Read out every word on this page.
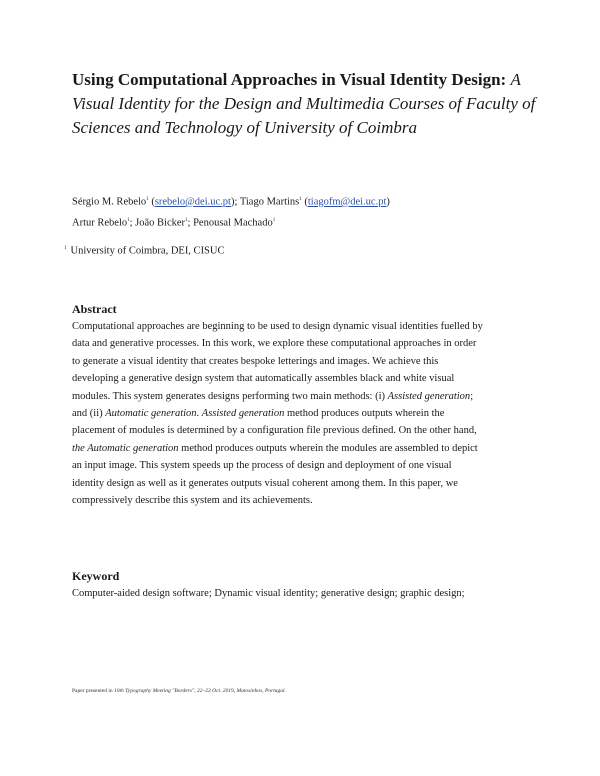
Using Computational Approaches in Visual Identity Design: A Visual Identity for the Design and Multimedia Courses of Faculty of Sciences and Technology of University of Coimbra
Sérgio M. Rebelo$^1$ (srebelo@dei.uc.pt); Tiago Martins$^1$ (tiagofm@dei.uc.pt)
Artur Rebelo$^1$; João Bicker$^1$; Penousal Machado$^1$
$^1$ University of Coimbra, DEI, CISUC
Abstract
Computational approaches are beginning to be used to design dynamic visual identities fuelled by data and generative processes. In this work, we explore these computational approaches in order to generate a visual identity that creates bespoke letterings and images. We achieve this developing a generative design system that automatically assembles black and white visual modules. This system generates designs performing two main methods: (i) Assisted generation; and (ii) Automatic generation. Assisted generation method produces outputs wherein the placement of modules is determined by a configuration file previous defined. On the other hand, the Automatic generation method produces outputs wherein the modules are assembled to depict an input image. This system speeds up the process of design and deployment of one visual identity design as well as it generates outputs visual coherent among them. In this paper, we compressively describe this system and its achievements.
Keyword
Computer-aided design software; Dynamic visual identity; generative design; graphic design;
Paper presented in 10th Typography Meeting "Borders", 22–23 Oct. 2019, Matosinhos, Portugal.
